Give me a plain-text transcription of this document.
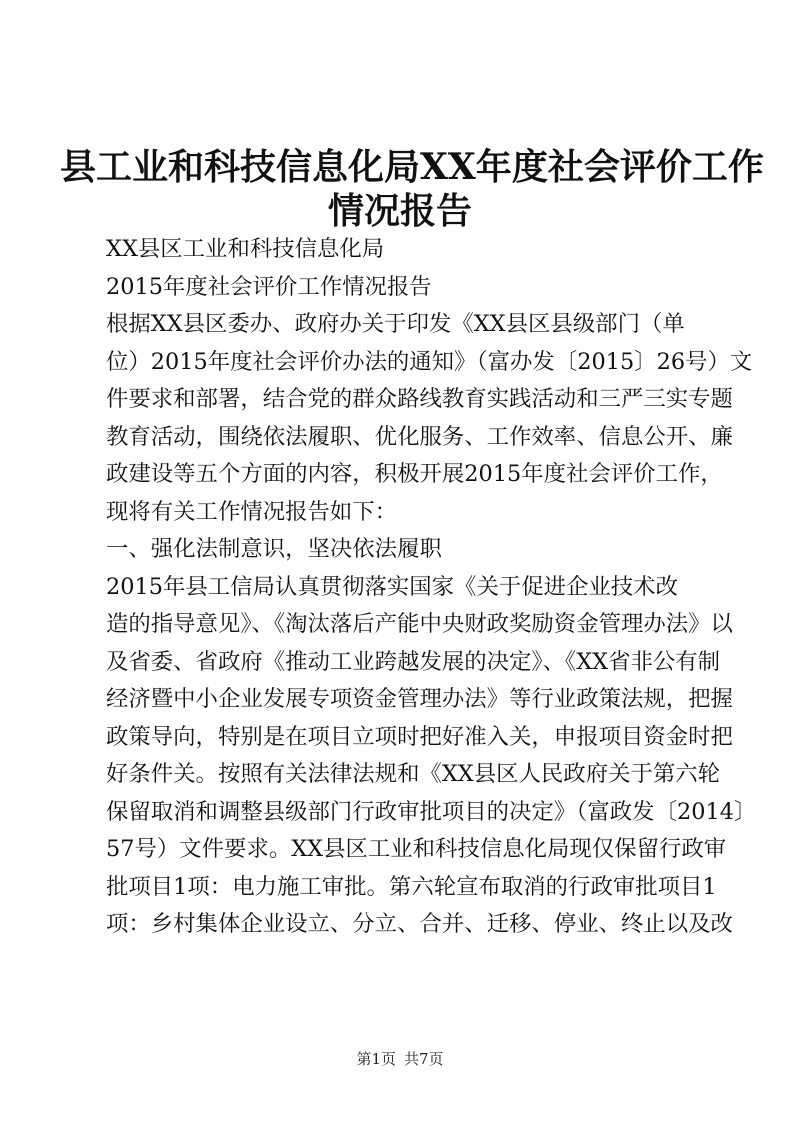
县工业和科技信息化局XX年度社会评价工作
情况报告
XX县区工业和科技信息化局
2015年度社会评价工作情况报告
根据XX县区委办、政府办关于印发《XX县区县级部门（单
位）2015年度社会评价办法的通知》（富办发〔2015〕26号）文
件要求和部署，结合党的群众路线教育实践活动和三严三实专题
教育活动，围绕依法履职、优化服务、工作效率、信息公开、廉
政建设等五个方面的内容，积极开展2015年度社会评价工作，
现将有关工作情况报告如下：
一、强化法制意识，坚决依法履职
2015年县工信局认真贯彻落实国家《关于促进企业技术改
造的指导意见》、《淘汰落后产能中央财政奖励资金管理办法》以
及省委、省政府《推动工业跨越发展的决定》、《XX省非公有制
经济暨中小企业发展专项资金管理办法》等行业政策法规，把握
政策导向，特别是在项目立项时把好准入关，申报项目资金时把
好条件关。按照有关法律法规和《XX县区人民政府关于第六轮
保留取消和调整县级部门行政审批项目的决定》（富政发〔2014〕
57号）文件要求。XX县区工业和科技信息化局现仅保留行政审
批项目1项：电力施工审批。第六轮宣布取消的行政审批项目1
项：乡村集体企业设立、分立、合并、迁移、停业、终止以及改
第1页 共7页
